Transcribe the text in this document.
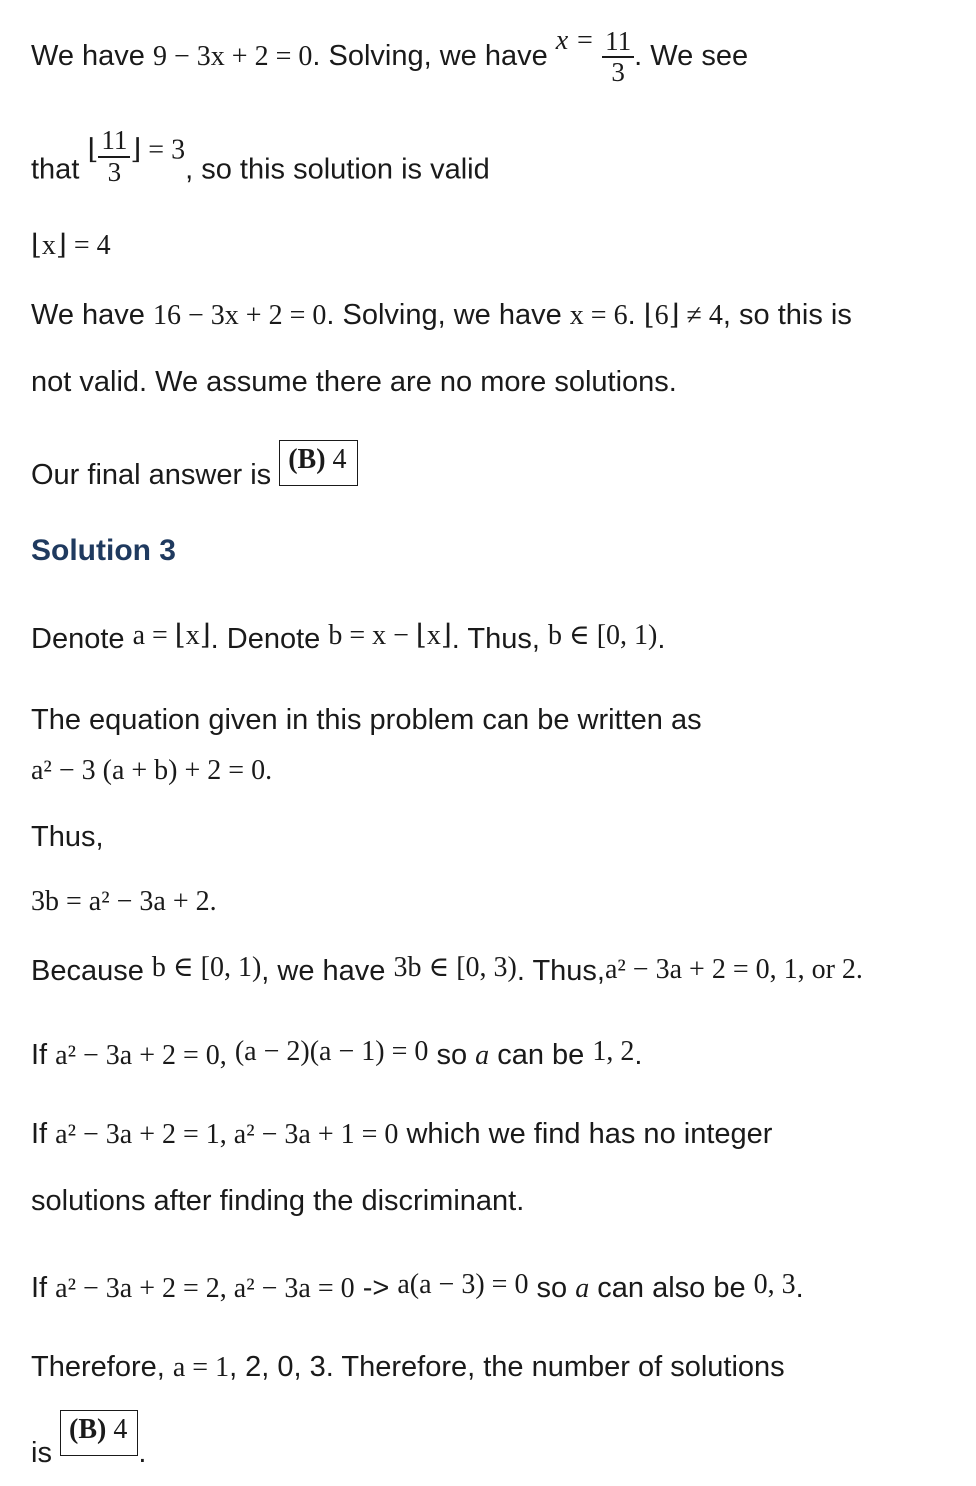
We have 9 − 3x + 2 = 0. Solving, we have $x = \frac{11}{3}$ . We see
that ⌊ $\frac{11}{3}$ ⌋ = 3, so this solution is valid
⌊x⌋ = 4
We have 16 − 3x + 2 = 0. Solving, we have x = 6. ⌊6⌋ ≠ 4, so this is
not valid. We assume there are no more solutions.
Our final answer is (B) 4
Solution 3
Denote a = ⌊x⌋. Denote b = x − ⌊x⌋. Thus, b ∈ [0, 1).
The equation given in this problem can be written as
a² − 3 (a + b) + 2 = 0.
Thus,
3b = a² − 3a + 2.
Because b ∈ [0, 1), we have 3b ∈ [0, 3). Thus,a² − 3a + 2 = 0, 1, or 2.
If a² − 3a + 2 = 0, (a − 2)(a − 1) = 0 so a can be 1, 2.
If a² − 3a + 2 = 1, a² − 3a + 1 = 0 which we find has no integer
solutions after finding the discriminant.
If a² − 3a + 2 = 2, a² − 3a = 0 -> a(a − 3) = 0 so a can also be 0, 3.
Therefore, a = 1, 2, 0, 3. Therefore, the number of solutions
is (B) 4.
